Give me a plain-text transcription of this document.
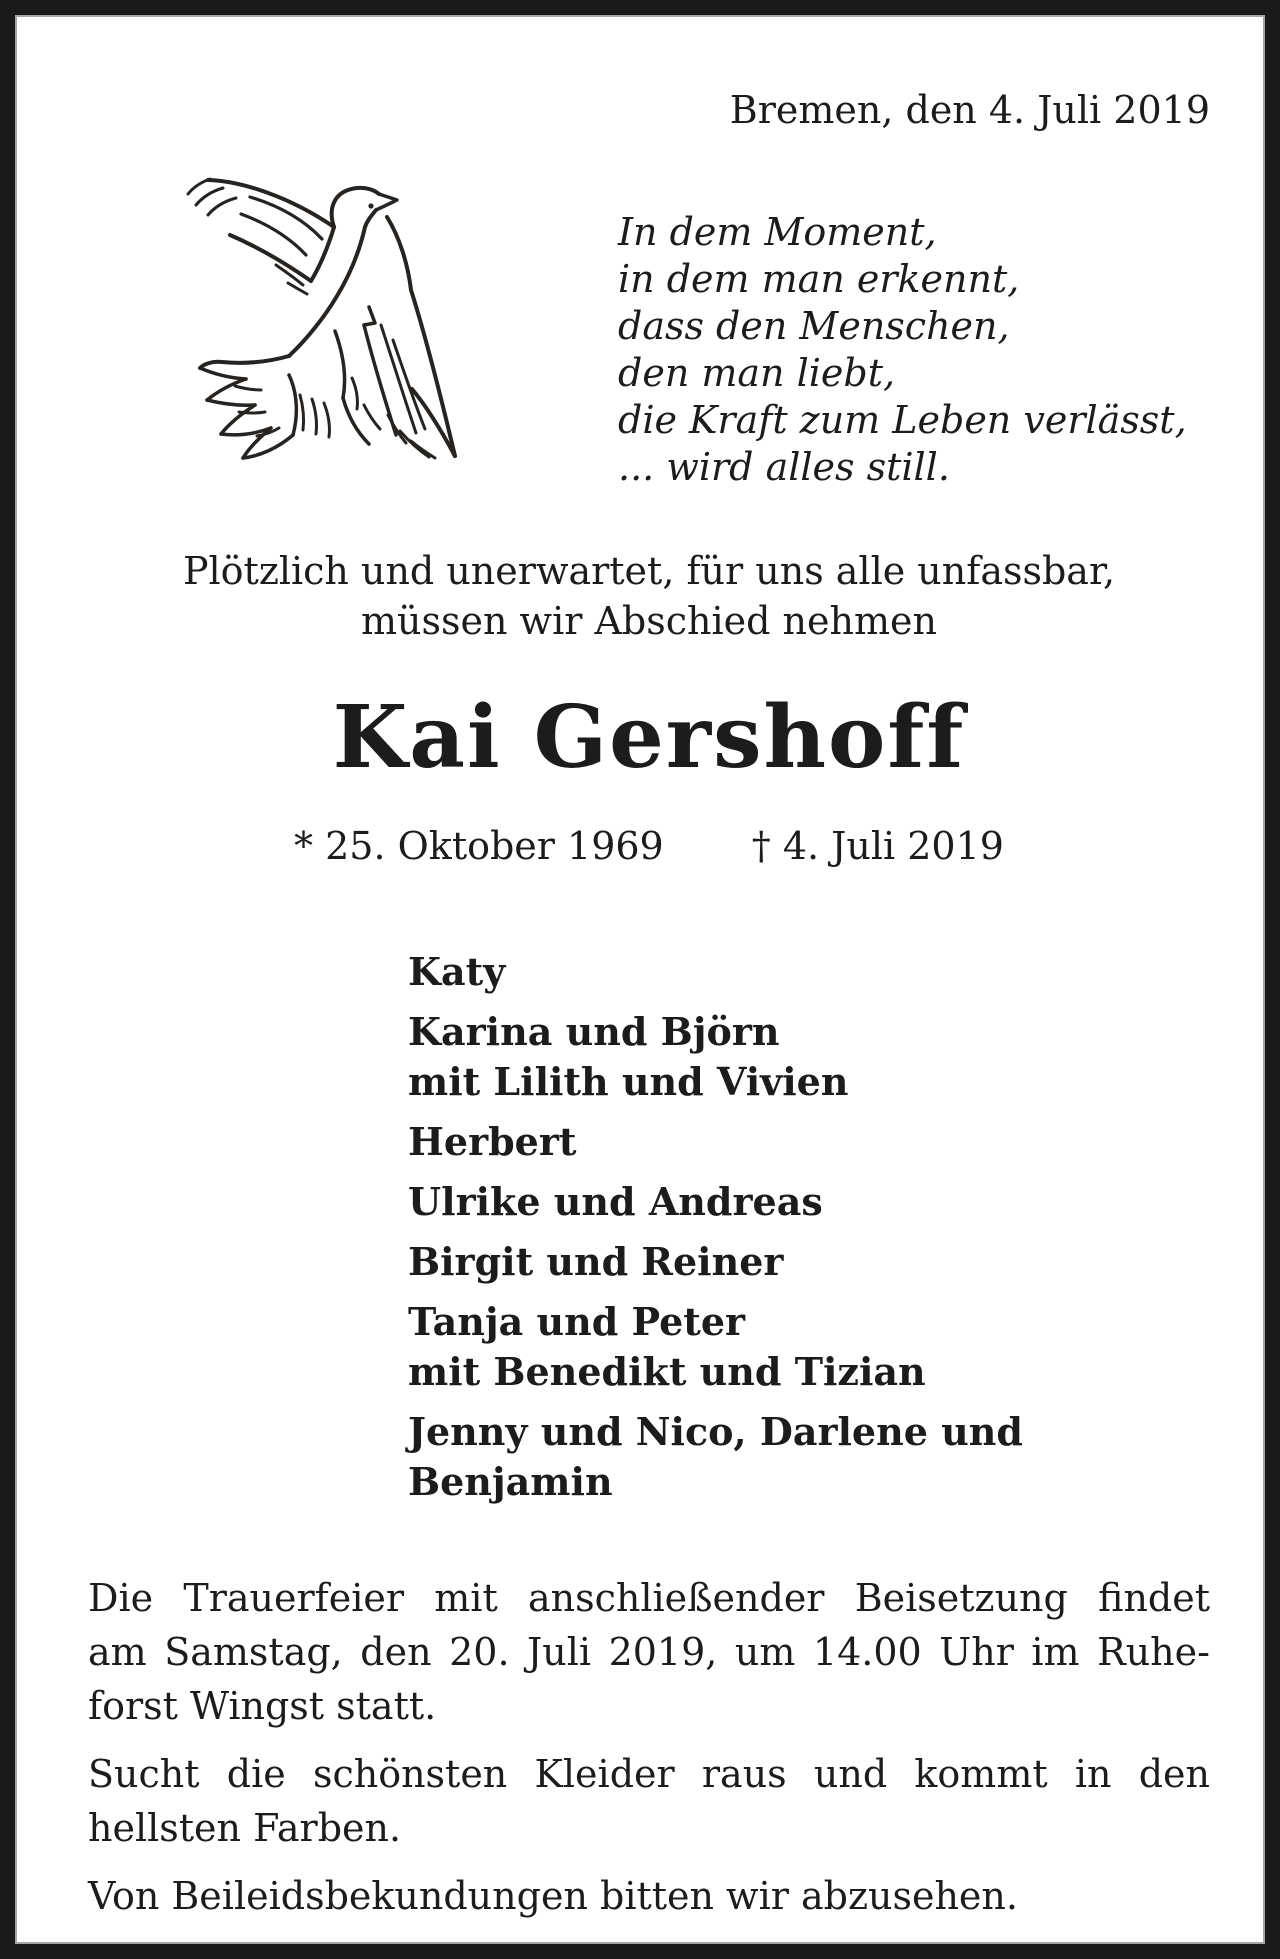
Bremen, den 4. Juli 2019
In dem Moment,
in dem man erkennt,
dass den Menschen,
den man liebt,
die Kraft zum Leben verlässt,
... wird alles still.
Plötzlich und unerwartet, für uns alle unfassbar,
müssen wir Abschied nehmen
Kai Gershoff
* 25. Oktober 1969 † 4. Juli 2019
Katy
Karina und Björn
mit Lilith und Vivien
Herbert
Ulrike und Andreas
Birgit und Reiner
Tanja und Peter
mit Benedikt und Tizian
Jenny und Nico, Darlene und Benjamin
Die Trauerfeier mit anschließender Beisetzung findet
am Samstag, den 20. Juli 2019, um 14.00 Uhr im Ruhe-
forst Wingst statt.
Sucht die schönsten Kleider raus und kommt in den
hellsten Farben.
Von Beileidsbekundungen bitten wir abzusehen.
